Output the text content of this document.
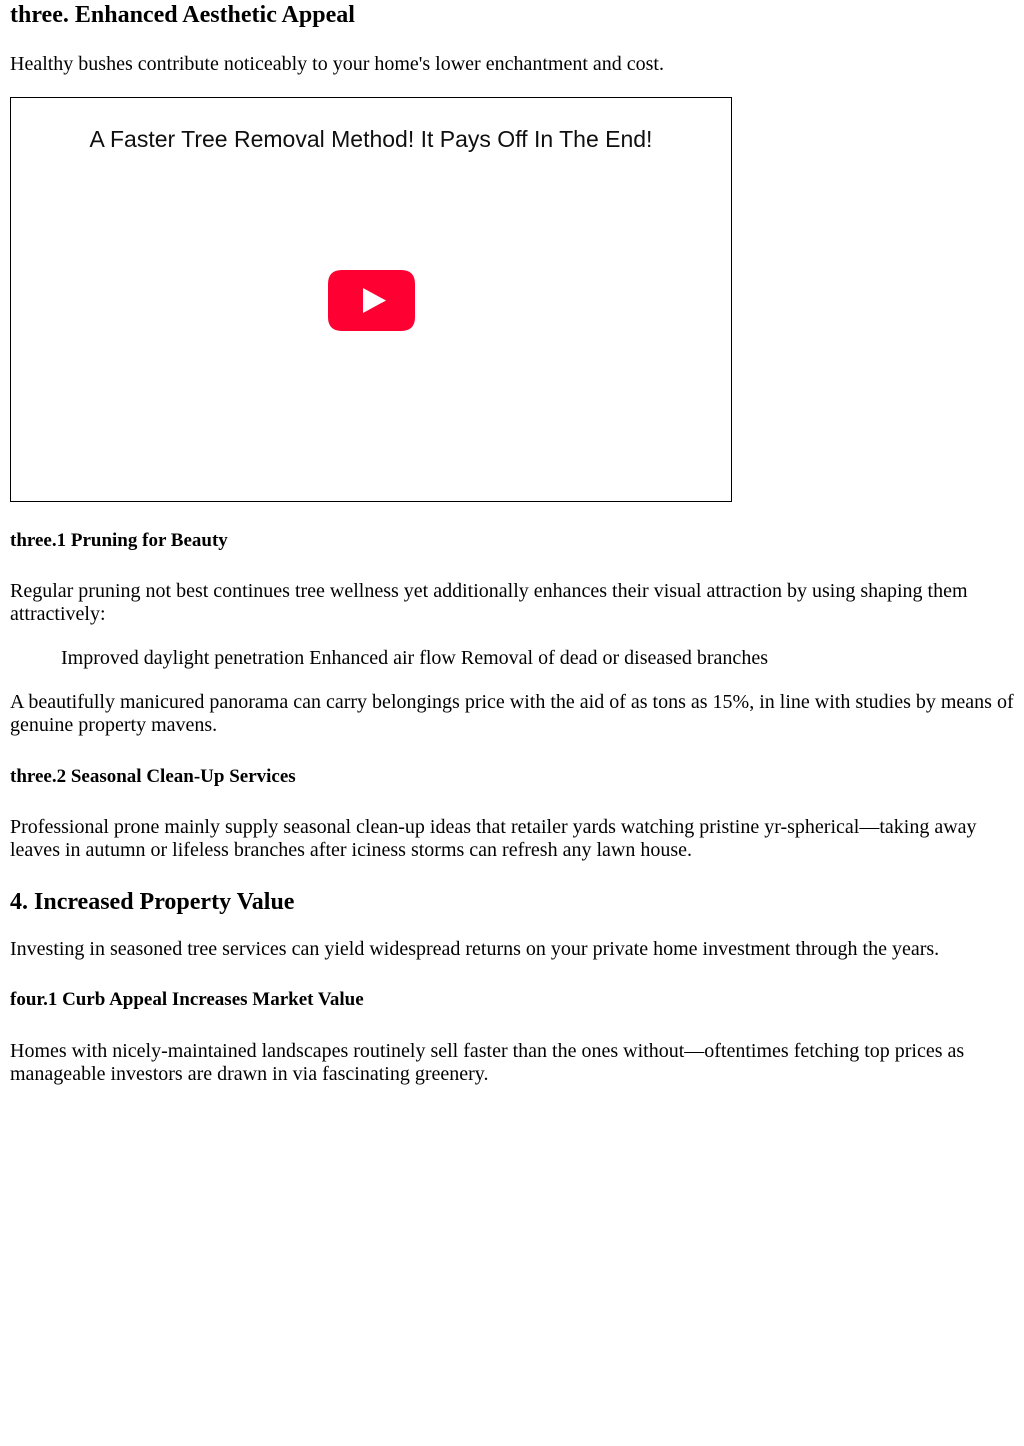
three. Enhanced Aesthetic Appeal

Healthy bushes contribute noticeably to your home's lower enchantment and cost.

A Faster Tree Removal Method! It Pays Off In The End!
three.1 Pruning for Beauty

Regular pruning not best continues tree wellness yet additionally enhances their visual attraction by using shaping them attractively:

Improved daylight penetration Enhanced air flow Removal of dead or diseased branches

A beautifully manicured panorama can carry belongings price with the aid of as tons as 15%, in line with studies by means of genuine property mavens.

three.2 Seasonal Clean-Up Services

Professional prone mainly supply seasonal clean-up ideas that retailer yards watching pristine yr-spherical—taking away leaves in autumn or lifeless branches after iciness storms can refresh any lawn house.

4. Increased Property Value

Investing in seasoned tree services can yield widespread returns on your private home investment through the years.

four.1 Curb Appeal Increases Market Value

Homes with nicely-maintained landscapes routinely sell faster than the ones without—oftentimes fetching top prices as manageable investors are drawn in via fascinating greenery.
